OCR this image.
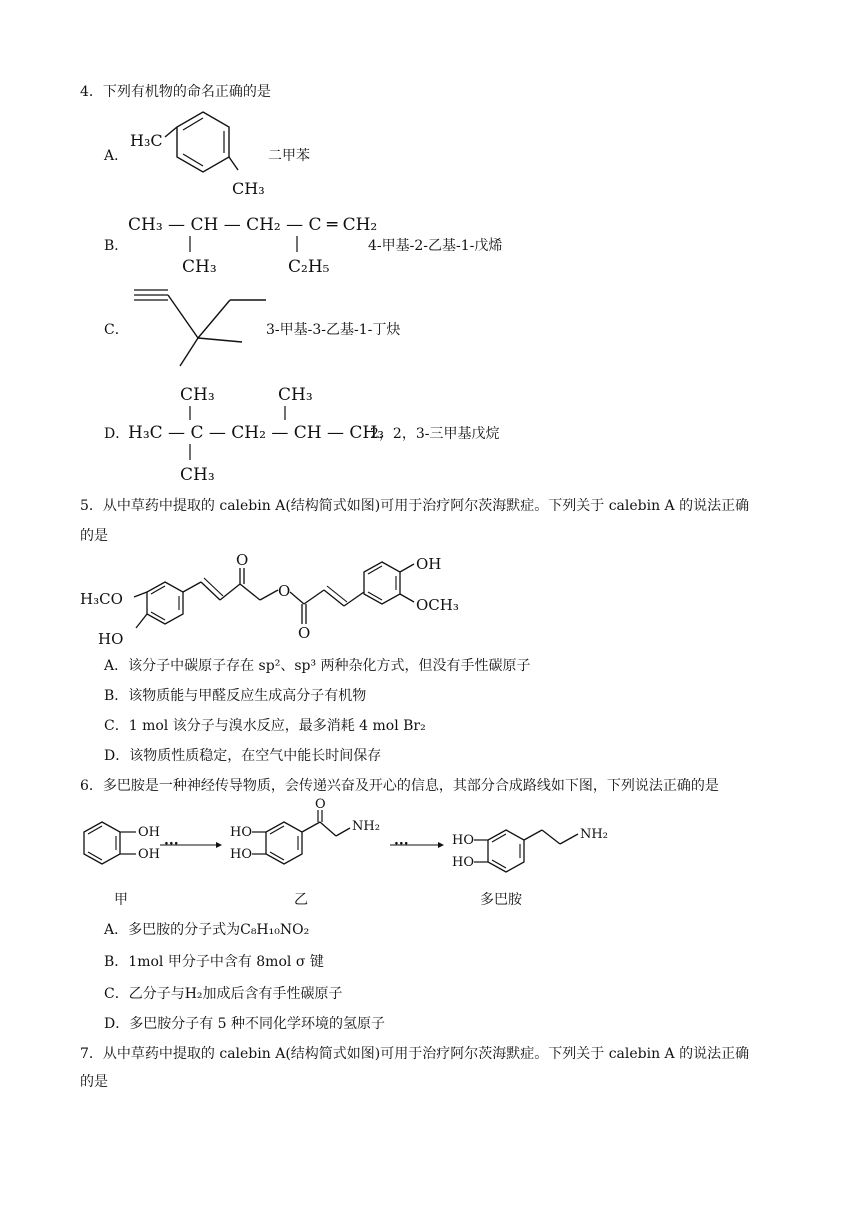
4．下列有机物的命名正确的是
A．
H₃C
CH₃
二甲苯
B．
CH₃ — CH — CH₂ — C ═ CH₂
CH₃	C₂H₅
4-甲基-2-乙基-1-戊烯
C．	3-甲基-3-乙基-1-丁炔
D．
CH₃	CH₃
H₃C — C — CH₂ — CH — CH₃
CH₃
2，2，3-三甲基戊烷
5．从中草药中提取的 calebin A(结构简式如图)可用于治疗阿尔茨海默症。下列关于 calebin A 的说法正确
的是
H₃CO
HO
O
O
O
OH
OCH₃
A．该分子中碳原子存在 sp²、sp³ 两种杂化方式，但没有手性碳原子
B．该物质能与甲醛反应生成高分子有机物
C．1 mol 该分子与溴水反应，最多消耗 4 mol Br₂
D．该物质性质稳定，在空气中能长时间保存
6．多巴胺是一种神经传导物质，会传递兴奋及开心的信息，其部分合成路线如下图，下列说法正确的是
OH
OH
···
HO
HO
O
NH₂
···	HO
HO
NH₂
甲	乙	多巴胺
A．多巴胺的分子式为C₈H₁₀NO₂
B．1mol 甲分子中含有 8mol σ 键
C．乙分子与H₂加成后含有手性碳原子
D．多巴胺分子有 5 种不同化学环境的氢原子
7．从中草药中提取的 calebin A(结构简式如图)可用于治疗阿尔茨海默症。下列关于 calebin A 的说法正确
的是
